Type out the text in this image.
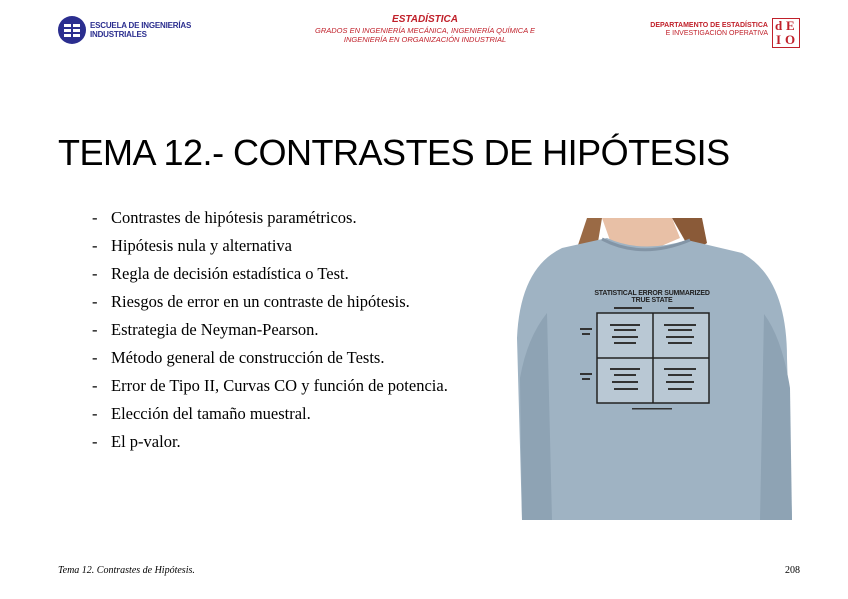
ESCUELA DE INGENIERÍAS
INDUSTRIALES
ESTADÍSTICA
GRADOS EN INGENIERÍA MECÁNICA, INGENIERÍA QUÍMICA E
INGENIERÍA EN ORGANIZACIÓN INDUSTRIAL
DEPARTAMENTO DE ESTADÍSTICA
E INVESTIGACIÓN OPERATIVA
d E
I O
TEMA 12.- CONTRASTES DE HIPÓTESIS
- Contrastes de hipótesis paramétricos.
- Hipótesis nula y alternativa
- Regla de decisión estadística o Test.
- Riesgos de error en un contraste de hipótesis.
- Estrategia de Neyman-Pearson.
- Método general de construcción de Tests.
- Error de Tipo II, Curvas CO y función de potencia.
- Elección del tamaño muestral.
- El p-valor.
STATISTICAL ERROR SUMMARIZED
TRUE STATE
Tema 12. Contrastes de Hipótesis.	208
